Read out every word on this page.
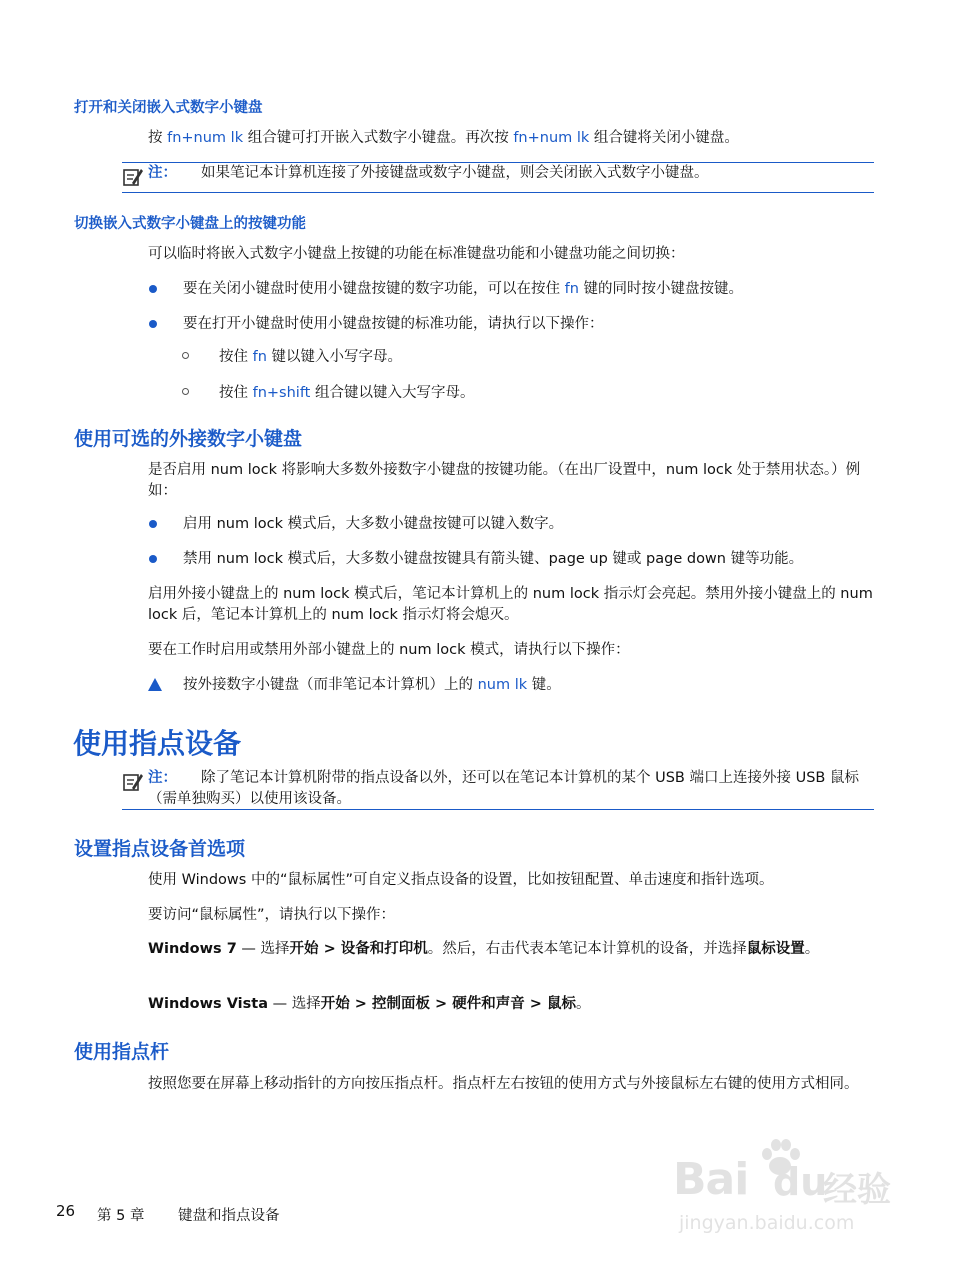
打开和关闭嵌入式数字小键盘
按 fn+num lk 组合键可打开嵌入式数字小键盘。再次按 fn+num lk 组合键将关闭小键盘。
注： 如果笔记本计算机连接了外接键盘或数字小键盘，则会关闭嵌入式数字小键盘。
切换嵌入式数字小键盘上的按键功能
可以临时将嵌入式数字小键盘上按键的功能在标准键盘功能和小键盘功能之间切换：
要在关闭小键盘时使用小键盘按键的数字功能，可以在按住 fn 键的同时按小键盘按键。
要在打开小键盘时使用小键盘按键的标准功能，请执行以下操作：
按住 fn 键以键入小写字母。
按住 fn+shift 组合键以键入大写字母。
使用可选的外接数字小键盘
是否启用 num lock 将影响大多数外接数字小键盘的按键功能。（在出厂设置中，num lock 处于禁用状态。）例如：
启用 num lock 模式后，大多数小键盘按键可以键入数字。
禁用 num lock 模式后，大多数小键盘按键具有箭头键、page up 键或 page down 键等功能。
启用外接小键盘上的 num lock 模式后，笔记本计算机上的 num lock 指示灯会亮起。禁用外接小键盘上的 num lock 后，笔记本计算机上的 num lock 指示灯将会熄灭。
要在工作时启用或禁用外部小键盘上的 num lock 模式，请执行以下操作：
按外接数字小键盘（而非笔记本计算机）上的 num lk 键。
使用指点设备
注： 除了笔记本计算机附带的指点设备以外，还可以在笔记本计算机的某个 USB 端口上连接外接 USB 鼠标（需单独购买）以使用该设备。
设置指点设备首选项
使用 Windows 中的“鼠标属性”可自定义指点设备的设置，比如按钮配置、单击速度和指针选项。
要访问“鼠标属性”，请执行以下操作：
Windows 7 — 选择开始 > 设备和打印机。然后，右击代表本笔记本计算机的设备，并选择鼠标设置。
Windows Vista — 选择开始 > 控制面板 > 硬件和声音 > 鼠标。
使用指点杆
按照您要在屏幕上移动指针的方向按压指点杆。指点杆左右按钮的使用方式与外接鼠标左右键的使用方式相同。
26 第 5 章 键盘和指点设备
Bai du
经验
jingyan.baidu.com
